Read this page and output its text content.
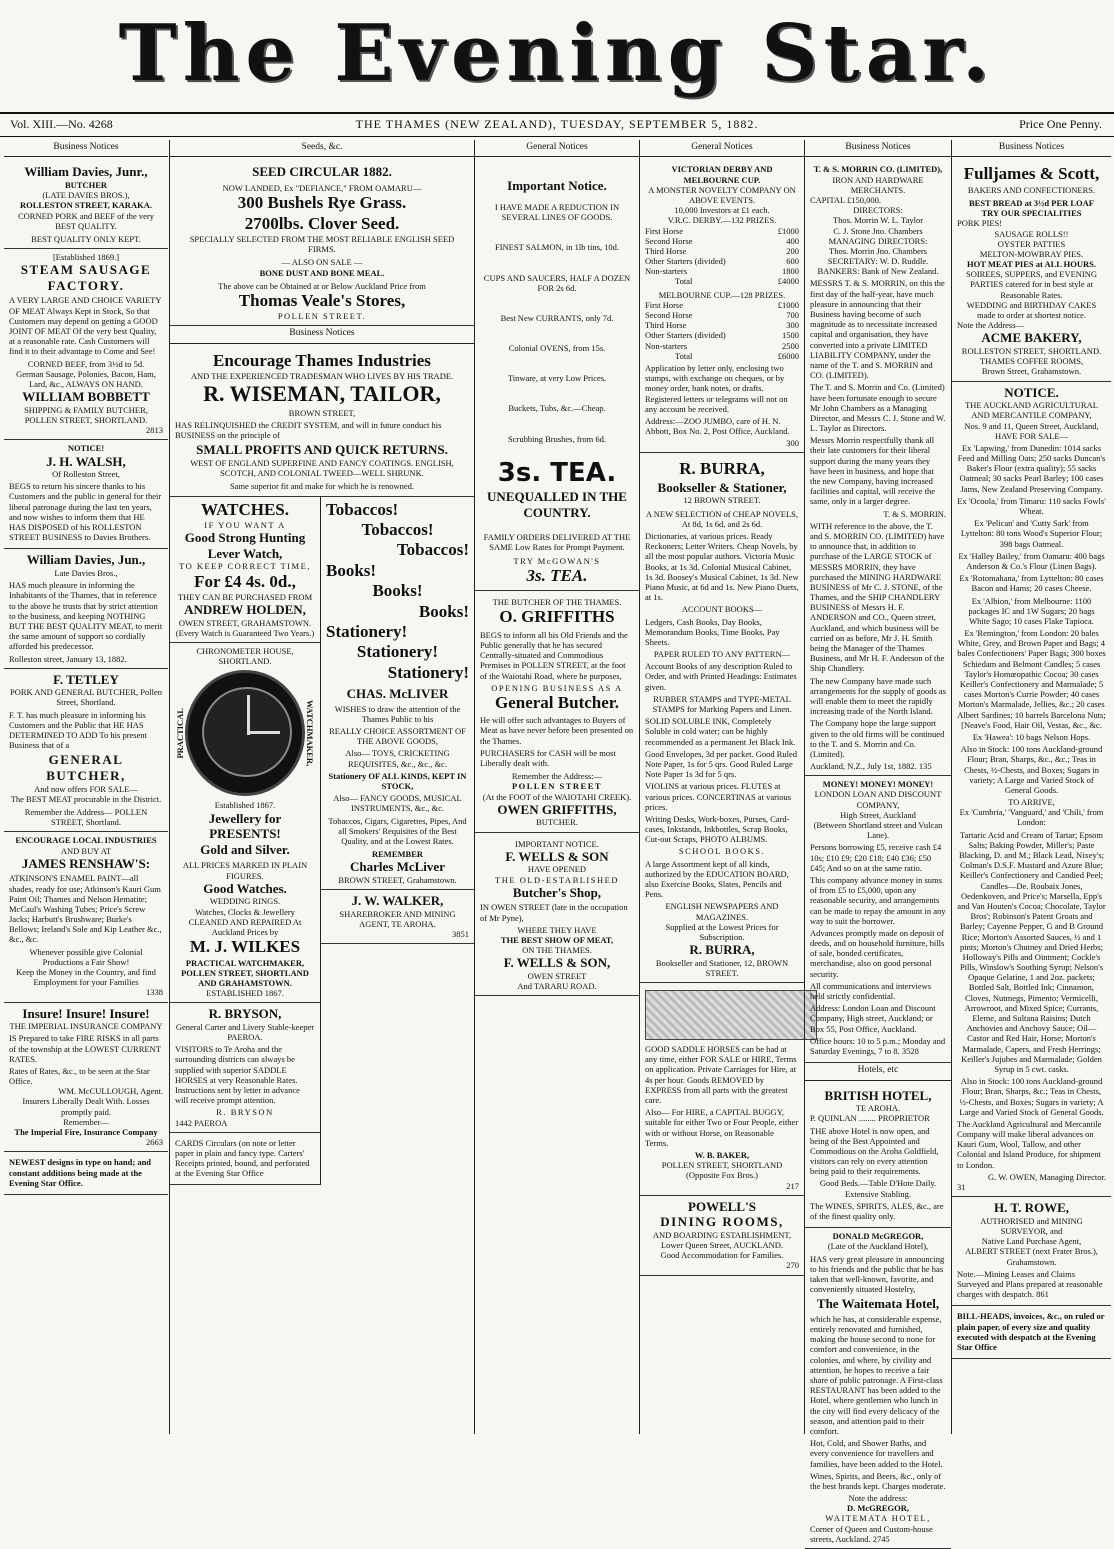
The Evening Star.
Vol. XIII.—No. 4268	THE THAMES (NEW ZEALAND), TUESDAY, SEPTEMBER 5, 1882.	Price One Penny.
Business Notices
William Davies, Junr.,
BUTCHER
(LATE DAVIES BROS.),
ROLLESTON STREET, KARAKA.
CORNED PORK and BEEF of the very BEST QUALITY.
BEST QUALITY ONLY KEPT.
[Established 1869.]
STEAM SAUSAGE FACTORY.

A VERY LARGE AND CHOICE VARIETY OF MEAT Always Kept in Stock, So that Customers may depend on getting a GOOD JOINT OF MEAT Of the very best Quality, at a reasonable rate. Cash Customers will find it to their advantage to Come and See!

CORNED BEEF, from 3½d to 5d.
German Sausage, Polonies, Bacon, Ham, Lard, &c., ALWAYS ON HAND.
WILLIAM BOBBETT
SHIPPING & FAMILY BUTCHER, POLLEN STREET, SHORTLAND.
2813
NOTICE!
J. H. WALSH,
Of Rolleston Street,

BEGS to return his sincere thanks to his Customers and the public in general for their liberal patronage during the last ten years, and now wishes to inform them that HE HAS DISPOSED of his ROLLESTON STREET BUSINESS to Davies Brothers.

William Davies, Jun.,
Late Davies Bros.,

HAS much pleasure in informing the Inhabitants of the Thames, that in reference to the above he trusts that by strict attention to the business, and keeping NOTHING BUT THE BEST QUALITY MEAT, to merit the same amount of support so cordially afforded his predecessor.

Rolleston street, January 13, 1882.
F. TETLEY
PORK AND GENERAL BUTCHER, Pollen Street, Shortland.

F. T. has much pleasure in informing his Customers and the Public that HE HAS DETERMINED TO ADD To his present Business that of a

GENERAL BUTCHER,
And now offers FOR SALE—
The BEST MEAT procurable in the District.
Remember the Address— POLLEN STREET, Shortland.
ENCOURAGE LOCAL INDUSTRIES
AND BUY AT
JAMES RENSHAW'S:

ATKINSON'S ENAMEL PAINT—all shades, ready for use; Atkinson's Kauri Gum Paint Oil; Thames and Nelson Hematite; McCaul's Washing Tubes; Price's Screw Jacks; Harbutt's Brushware; Burke's Bellows; Ireland's Sole and Kip Leather &c., &c., &c.

Whenever possible give Colonial Productions a Fair Show!
Keep the Money in the Country, and find Employment for your Families
1338
Insure! Insure! Insure!
THE IMPERIAL INSURANCE COMPANY

IS Prepared to take FIRE RISKS in all parts of the township at the LOWEST CURRENT RATES.

Rates of Rates, &c., to be seen at the Star Office.
WM. McCULLOUGH, Agent.
Insurers Liberally Dealt With. Losses promptly paid.
Remember—
The Imperial Fire, Insurance Company
2663

NEWEST designs in type on hand; and constant additions being made at the Evening Star Office.

Seeds, &c.
SEED CIRCULAR 1882.
NOW LANDED, Ex "DEFIANCE," FROM OAMARU—
300 Bushels Rye Grass.
2700lbs. Clover Seed.
SPECIALLY SELECTED FROM THE MOST RELIABLE ENGLISH SEED FIRMS.
— ALSO ON SALE —
BONE DUST AND BONE MEAL.
The above can be Obtained at or Below Auckland Price from
Thomas Veale's Stores,
POLLEN STREET.
Business Notices
Encourage Thames Industries
AND THE EXPERIENCED TRADESMAN WHO LIVES BY HIS TRADE.
R. WISEMAN, TAILOR,
BROWN STREET,

HAS RELINQUISHED the CREDIT SYSTEM, and will in future conduct his BUSINESS on the principle of

SMALL PROFITS AND QUICK RETURNS.
WEST OF ENGLAND SUPERFINE AND FANCY COATINGS. ENGLISH, SCOTCH, AND COLONIAL TWEED—WELL SHRUNK.
Same superior fit and make for which he is renowned.
WATCHES.
IF YOU WANT A
Good Strong Hunting Lever Watch,
TO KEEP CORRECT TIME,
For £4 4s. 0d.,
THEY CAN BE PURCHASED FROM
ANDREW HOLDEN,
OWEN STREET, GRAHAMSTOWN.
(Every Watch is Guaranteed Two Years.)
CHRONOMETER HOUSE, SHORTLAND.
PRACTICAL	WATCHMAKER,
Established 1867.
Jewellery for PRESENTS!
Gold and Silver.
ALL PRICES MARKED IN PLAIN FIGURES.
Good Watches.
WEDDING RINGS.
Watches, Clocks & Jewellery CLEANED AND REPAIRED At Auckland Prices by
M. J. WILKES
PRACTICAL WATCHMAKER, POLLEN STREET, SHORTLAND AND GRAHAMSTOWN.
ESTABLISHED 1867.
R. BRYSON,
General Carter and Livery Stable-keeper PAEROA.

VISITORS to Te Aroha and the surrounding districts can always be supplied with superior SADDLE HORSES at very Reasonable Rates. Instructions sent by letter in advance will receive prompt attention.

R. BRYSON
1442 PAEROA

CARDS Circulars (on note or letter paper in plain and fancy type. Carters' Receipts printed, bound, and perforated at the Evening Star Office

Tobaccos!
Tobaccos!
Tobaccos!
Books!
Books!
Books!
Stationery!
Stationery!
Stationery!
CHAS. McLIVER

WISHES to draw the attention of the Thames Public to his

REALLY CHOICE ASSORTMENT OF THE ABOVE GOODS,

Also— TOYS, CRICKETING REQUISITES, &c., &c., &c.

Stationery OF ALL KINDS, KEPT IN STOCK,

Also— FANCY GOODS, MUSICAL INSTRUMENTS, &c., &c.

Tobaccos, Cigars, Cigarettes, Pipes, And all Smokers' Requisites of the Best Quality, and at the Lowest Rates.

REMEMBER
Charles McLiver
BROWN STREET, Grahamstown.
J. W. WALKER,
SHAREBROKER AND MINING AGENT, TE AROHA.
3851
General Notices
Important Notice.

I HAVE MADE A REDUCTION IN SEVERAL LINES OF GOODS.

FINEST SALMON, in 1lb tins, 10d.

CUPS AND SAUCERS, HALF A DOZEN FOR 2s 6d.

Best New CURRANTS, only 7d.

Colonial OVENS, from 15s.

Tinware, at very Low Prices.

Buckets, Tubs, &c.—Cheap.

Scrubbing Brushes, from 6d.

3s. TEA.
UNEQUALLED IN THE COUNTRY.

FAMILY ORDERS DELIVERED AT THE SAME Low Rates for Prompt Payment.

TRY McGOWAN'S
3s. TEA.
THE BUTCHER OF THE THAMES.
O. GRIFFITHS

BEGS to inform all his Old Friends and the Public generally that he has secured Centrally-situated and Commodious Premises in POLLEN STREET, at the foot of the Waiotahi Road, where he purposes,

OPENING BUSINESS AS A
General Butcher.

He will offer such advantages to Buyers of Meat as have never before been presented on the Thames.

PURCHASERS for CASH will be most Liberally dealt with.

Remember the Address:—
POLLEN STREET
(At the FOOT of the WAIOTAHI CREEK).
OWEN GRIFFITHS,
BUTCHER.
IMPORTANT NOTICE.
F. WELLS & SON
HAVE OPENED
THE OLD-ESTABLISHED
Butcher's Shop,

IN OWEN STREET (late in the occupation of Mr Pyne),

WHERE THEY HAVE
THE BEST SHOW OF MEAT,
ON THE THAMES.
F. WELLS & SON,
OWEN STREET
And TARARU ROAD.
General Notices
VICTORIAN DERBY AND MELBOURNE CUP.
A MONSTER NOVELTY COMPANY ON ABOVE EVENTS.
10,000 Investors at £1 each.
V.R.C. DERBY.—132 PRIZES.
First Horse	£1000
Second Horse	400
Third Horse	200
Other Starters (divided)	600
Non-starters	1800
Total	£4000
MELBOURNE CUP.—128 PRIZES.
First Horse	£1000
Second Horse	700
Third Horse	300
Other Starters (divided)	1500
Non-starters	2500
Total	£6000

Application by letter only, enclosing two stamps, with exchange on cheques, or by money order, bank notes, or drafts. Registered letters or telegrams will not on any account be received.

Address:—ZOO JUMBO, care of H. N. Abbott, Box No. 2, Post Office, Auckland.

300
R. BURRA,
Bookseller & Stationer,
12 BROWN STREET.
A NEW SELECTION of CHEAP NOVELS,
At 8d, 1s 6d, and 2s 6d.

Dictionaries, at various prices. Ready Reckoners; Letter Writers. Cheap Novels, by all the most popular authors. Victoria Music Books, at 1s 3d. Colonial Musical Cabinet, 1s 3d. Boosey's Musical Cabinet, 1s 3d. New Piano Music, at 6d and 1s. New Piano Duets, at 1s.

ACCOUNT BOOKS—

Ledgers, Cash Books, Day Books, Memorandum Books, Time Books, Pay Sheets.

PAPER RULED TO ANY PATTERN—

Account Books of any description Ruled to Order, and with Printed Headings: Estimates given.

RUBBER STAMPS and TYPE-METAL STAMPS for Marking Papers and Linen.

SOLID SOLUBLE INK, Completely Soluble in cold water; can be highly recommended as a permanent Jet Black Ink.

Good Envelopes, 3d per packet. Good Ruled Note Paper, 1s for 5 qrs. Good Ruled Large Note Paper 1s 3d for 5 qrs.

VIOLINS at various prices. FLUTES at various prices. CONCERTINAS at various prices.

Writing Desks, Work-boxes, Purses, Card-cases, Inkstands, Inkbottles, Scrap Books, Cut-out Scraps, PHOTO ALBUMS.

SCHOOL BOOKS.

A large Assortment kept of all kinds, authorized by the EDUCATION BOARD, also Exercise Books, Slates, Pencils and Pens.

ENGLISH NEWSPAPERS AND MAGAZINES.
Supplied at the Lowest Prices for Subscription.
R. BURRA,
Bookseller and Stationer, 12, BROWN STREET.

GOOD SADDLE HORSES can be had at any time, either FOR SALE or HIRE, Terms on application. Private Carriages for Hire, at 4s per hour. Goods REMOVED by EXPRESS from all parts with the greatest care.

Also— For HIRE, a CAPITAL BUGGY, suitable for either Two or Four People, either with or without Horse, on Reasonable Terms.

W. B. BAKER,
POLLEN STREET, SHORTLAND (Opposite Fox Bros.)
217
POWELL'S
DINING ROOMS,
AND BOARDING ESTABLISHMENT,
Lower Queen Street, AUCKLAND.
Good Accommodation for Families.
270
Business Notices
T. & S. MORRIN CO. (LIMITED),
IRON AND HARDWARE MERCHANTS.
CAPITAL £150,000.
DIRECTORS:
Thos. Morrin W. L. Taylor
C. J. Stone Jno. Chambers
MANAGING DIRECTORS:
Thos. Morrin Jno. Chambers
SECRETARY: W. D. Ruddle.
BANKERS: Bank of New Zealand.

MESSRS T. & S. MORRIN, on this the first day of the half-year, have much pleasure in announcing that their Business having become of such magnitude as to necessitate increased capital and organisation, they have converted into a private LIMITED LIABILITY COMPANY, under the name of the T. and S. MORRIN and CO. (LIMITED).

The T. and S. Morrin and Co. (Limited) have been fortunate enough to secure Mr John Chambers as a Managing Director, and Messrs C. J. Stone and W. L. Taylor as Directors.

Messrs Morrin respectfully thank all their late customers for their liberal support during the many years they have been in business, and hope that the new Company, having increased facilities and capital, will receive the same, only in a larger degree.

T. & S. MORRIN.

WITH reference to the above, the T. and S. MORRIN CO. (LIMITED) have to announce that, in addition to purchase of the LARGE STOCK of MESSRS MORRIN, they have purchased the MINING HARDWARE BUSINESS of Mr C. J. STONE, of the Thames, and the SHIP CHANDLERY BUSINESS of Messrs H. F. ANDERSON and CO., Queen street, Auckland, and which business will be carried on as before, Mr J. H. Smith being the Manager of the Thames Business, and Mr H. F. Anderson of the Ship Chandlery.

The new Company have made such arrangements for the supply of goods as will enable them to meet the rapidly increasing trade of the North Island.

The Company hope the large support given to the old firms will be continued to the T. and S. Morrin and Co. (Limited).

Auckland, N.Z., July 1st, 1882. 135
MONEY! MONEY! MONEY!
LONDON LOAN AND DISCOUNT COMPANY,
High Street, Auckland
(Between Shortland street and Vulcan Lane).

Persons borrowing £5, receive cash £4 10s; £10 £9; £20 £18; £40 £36; £50 £45; And so on at the same ratio.

This company advance money in sums of from £5 to £5,000, upon any reasonable security, and arrangements can be made to repay the amount in any way to suit the borrower.

Advances promptly made on deposit of deeds, and on household furniture, bills of sale, bonded certificates, merchandise, also on good personal security.

All communications and interviews held strictly confidential.

Address: London Loan and Discount Company, High street, Auckland; or Box 55, Post Office, Auckland.

Office hours: 10 to 5 p.m.; Monday and Saturday Evenings, 7 to 8. 3528

Hotels, etc
BRITISH HOTEL,
TE AROHA.
P. QUINLAN ........ PROPRIETOR

THE above Hotel is now open, and being of the Best Appointed and Commodious on the Aroha Goldfield, visitors can rely on every attention being paid to their requirements.

Good Beds.—Table D'Hote Daily.
Extensive Stabling.

The WINES, SPIRITS, ALES, &c., are of the finest quality only.

DONALD McGREGOR,
(Late of the Auckland Hotel),

HAS very great pleasure in announcing to his friends and the public that he has taken that well-known, favorite, and conveniently situated Hostelry,

The Waitemata Hotel,

which he has, at considerable expense, entirely renovated and furnished, making the house second to none for comfort and convenience, in the colonies, and where, by civility and attention, he hopes to receive a fair share of public patronage. A First-class RESTAURANT has been added to the Hotel, where gentlemen who lunch in the city will find every delicacy of the season, and attention paid to their comfort.

Hot, Cold, and Shower Baths, and every convenience for travellers and families, have been added to the Hotel.

Wines, Spirits, and Beers, &c., only of the best brands kept. Charges moderate.

Note the address:
D. McGREGOR,
WAITEMATA HOTEL,
Corner of Queen and Custom-house streets, Auckland. 2745
Business Notices
Fulljames & Scott,
BAKERS AND CONFECTIONERS.
BEST BREAD at 3½d PER LOAF
TRY OUR SPECIALITIES
PORK PIES!
SAUSAGE ROLLS!!
OYSTER PATTIES
MELTON-MOWBRAY PIES.
HOT MEAT PIES at ALL HOURS.
SOIREES, SUPPERS, and EVENING PARTIES catered for in best style at Reasonable Rates.
WEDDING and BIRTHDAY CAKES made to order at shortest notice.
Note the Address—
ACME BAKERY,
ROLLESTON STREET, SHORTLAND.
THAMES COFFEE ROOMS,
Brown Street, Grahamstown.
NOTICE.
THE AUCKLAND AGRICULTURAL AND MERCANTILE COMPANY,
Nos. 9 and 11, Queen Street, Auckland,
HAVE FOR SALE—

Ex 'Lapwing,' from Dunedin: 1014 sacks Feed and Milling Oats; 250 sacks Duncan's Baker's Flour (extra quality); 55 sacks Oatmeal; 30 sacks Pearl Barley; 100 cases Jams, New Zealand Preserving Company.

Ex 'Ocoola,' from Timaru: 110 sacks Fowls' Wheat.

Ex 'Pelican' and 'Cutty Sark' from Lyttelton: 80 tons Wood's Superior Flour; 398 bags Oatmeal.

Ex 'Halley Bailey,' from Oamaru: 400 bags Anderson & Co.'s Flour (Linen Bags).

Ex 'Rotomahana,' from Lyttelton: 80 cases Bacon and Hams; 20 cases Cheese.

Ex 'Albion,' from Melbourne: 1100 packages IC and 1W Sugars; 20 bags White Sago; 10 cases Flake Tapioca.

Ex 'Remington,' from London: 20 bales White, Grey, and Brown Paper and Bags; 4 bales Confectioners' Paper Bags; 300 boxes Schiedam and Belmont Candles; 5 cases Taylor's Homœopathic Cocoa; 30 cases Keiller's Confectionery and Marmalade; 5 cases Morton's Currie Powder; 40 cases Morton's Marmalade, Jellies, &c.; 20 cases Albert Sardines; 10 barrels Barcelona Nuts; [Neave's Food, Hair Oil, Vestas, &c., &c.

Ex 'Hawea': 10 bags Nelson Hops.

Also in Stock: 100 tons Auckland-ground Flour; Bran, Sharps, &c., &c.; Teas in Chests, ½-Chests, and Boxes; Sugars in variety; A Large and Varied Stock of General Goods.

TO ARRIVE,
Ex 'Cumbria,' 'Vanguard,' and 'Chili,' from London:

Tartaric Acid and Cream of Tartar; Epsom Salts; Baking Powder, Miller's; Paste Blacking, D. and M.; Black Lead, Nixey's; Colman's D.S.F. Mustard and Azure Blue; Keiller's Confectionery and Candied Peel; Candles—De. Roubaix Jones, Oedenkoven, and Price's; Marsella, Epp's and Van Houten's Cocoa; Chocolate, Taylor Bros'; Robinson's Patent Groats and Barley; Cayenne Pepper, G and B Ground Rice; Morton's Assorted Sauces, ½ and 1 pints; Morton's Chutney and Dried Herbs; Holloway's Pills and Ointment; Cockle's Pills, Winslow's Soothing Syrup; Nelson's Opaque Gelatine, 1 and 2oz. packets; Bottled Salt, Bottled Ink; Cinnamon, Cloves, Nutmegs, Pimento; Vermicelli, Arrowroot, and Mixed Spice; Currants, Eleme, and Sultana Raisins; Dutch Anchovies and Anchovy Sauce; Oil—Castor and Red Hair, Horse; Morton's Marmalade, Capers, and Fresh Herrings; Keiller's Jujubes and Marmalade; Golden Syrup in 5 cwt. casks.

Also in Stock: 100 tons Auckland-ground Flour; Bran, Sharps, &c.; Teas in Chests, ½-Chests, and Boxes; Sugars in variety; A Large and Varied Stock of General Goods.

The Auckland Agricultural and Mercantile Company will make liberal advances on Kauri Gum, Wool, Tallow, and other Colonial and Island Produce, for shipment to London.

G. W. OWEN, Managing Director.
31
H. T. ROWE,
AUTHORISED and MINING SURVEYOR, and
Native Land Purchase Agent,
ALBERT STREET (next Frater Bros.), Grahamstown.

Note.—Mining Leases and Claims Surveyed and Plans prepared at reasonable charges with despatch. 861

BILL-HEADS, invoices, &c., on ruled or plain paper, of every size and quality executed with despatch at the Evening Star Office
